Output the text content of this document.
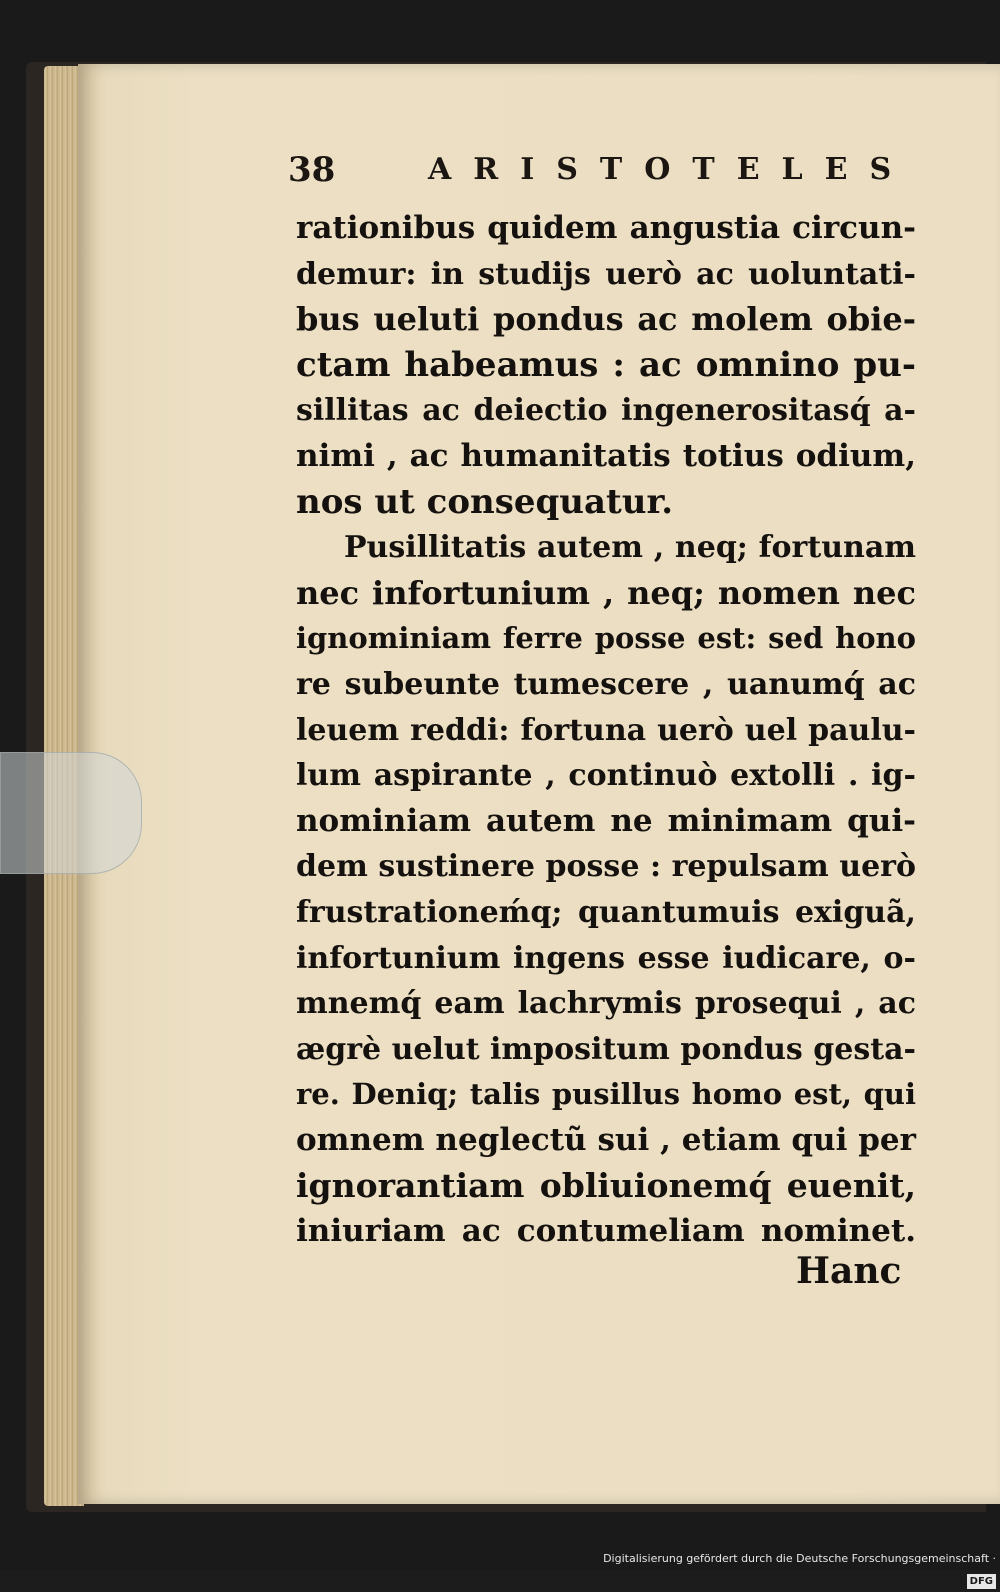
38	ARISTOTELES
rationibus quidem angustia circun-
demur: in studijs uerò ac uoluntati-
bus ueluti pondus ac molem obie-
ctam habeamus : ac omnino pu-
sillitas ac deiectio ingenerositasq́ a-
nimi , ac humanitatis totius odium,
nos ut consequatur.
Pusillitatis autem , neq; fortunam
nec infortunium , neq; nomen nec
ignominiam ferre posse est: sed hono
re subeunte tumescere , uanumq́ ac
leuem reddi: fortuna uerò uel paulu-
lum aspirante , continuò extolli . ig-
nominiam autem ne minimam qui-
dem sustinere posse : repulsam uerò
frustrationeḿq; quantumuis exiguã,
infortunium ingens esse iudicare, o-
mnemq́ eam lachrymis prosequi , ac
ægrè uelut impositum pondus gesta-
re. Deniq; talis pusillus homo est, qui
omnem neglectũ sui , etiam qui per
ignorantiam obliuionemq́ euenit,
iniuriam ac contumeliam nominet.
Hanc
Digitalisierung gefördert durch die Deutsche Forschungsgemeinschaft ·DFG
